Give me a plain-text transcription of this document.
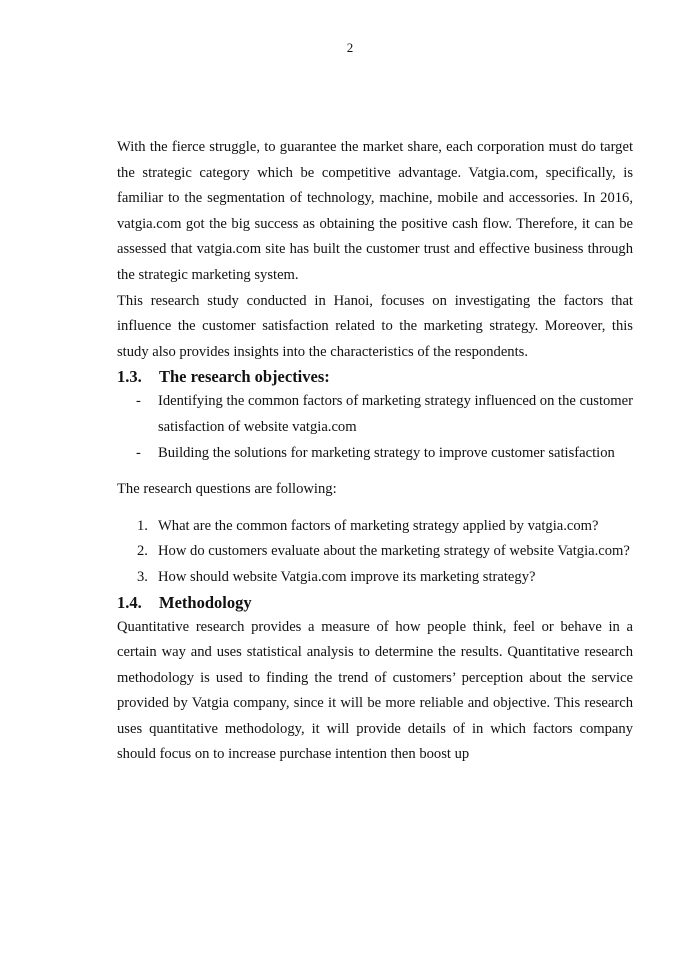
2

With the fierce struggle, to guarantee the market share, each corporation must do target the strategic category which be competitive advantage. Vatgia.com, specifically, is familiar to the segmentation of technology, machine, mobile and accessories. In 2016, vatgia.com got the big success as obtaining the positive cash flow. Therefore, it can be assessed that vatgia.com site has built the customer trust and effective business through the strategic marketing system.

This research study conducted in Hanoi, focuses on investigating the factors that influence the customer satisfaction related to the marketing strategy. Moreover, this study also provides insights into the characteristics of the respondents.

1.3.	The research objectives:
- Identifying the common factors of marketing strategy influenced on the customer satisfaction of website vatgia.com
- Building the solutions for marketing strategy to improve customer satisfaction

The research questions are following:

1. What are the common factors of marketing strategy applied by vatgia.com?
2. How do customers evaluate about the marketing strategy of website Vatgia.com?
3. How should website Vatgia.com improve its marketing strategy?
1.4.	Methodology

Quantitative research provides a measure of how people think, feel or behave in a certain way and uses statistical analysis to determine the results. Quantitative research methodology is used to finding the trend of customers’ perception about the service provided by Vatgia company, since it will be more reliable and objective. This research uses quantitative methodology, it will provide details of in which factors company should focus on to increase purchase intention then boost up
